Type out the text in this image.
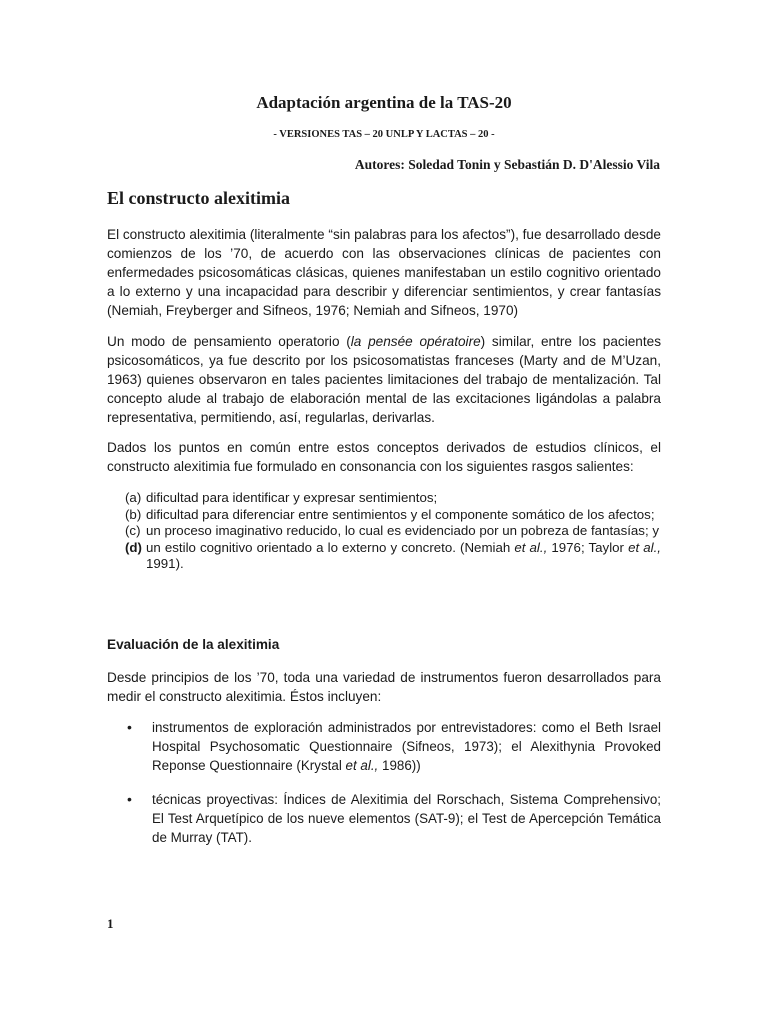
Adaptación argentina de la TAS-20
- VERSIONES TAS – 20 UNLP Y LACTAS – 20 -
Autores: Soledad Tonin y Sebastián D. D'Alessio Vila
El constructo alexitimia

El constructo alexitimia (literalmente “sin palabras para los afectos”), fue desarrollado desde comienzos de los ’70, de acuerdo con las observaciones clínicas de pacientes con enfermedades psicosomáticas clásicas, quienes manifestaban un estilo cognitivo orientado a lo externo y una incapacidad para describir y diferenciar sentimientos, y crear fantasías (Nemiah, Freyberger and Sifneos, 1976; Nemiah and Sifneos, 1970)

Un modo de pensamiento operatorio (la pensée opératoire) similar, entre los pacientes psicosomáticos, ya fue descrito por los psicosomatistas franceses (Marty and de M’Uzan, 1963) quienes observaron en tales pacientes limitaciones del trabajo de mentalización. Tal concepto alude al trabajo de elaboración mental de las excitaciones ligándolas a palabra representativa, permitiendo, así, regularlas, derivarlas.

Dados los puntos en común entre estos conceptos derivados de estudios clínicos, el constructo alexitimia fue formulado en consonancia con los siguientes rasgos salientes:

(a) dificultad para identificar y expresar sentimientos;
(b) dificultad para diferenciar entre sentimientos y el componente somático de los afectos;
(c) un proceso imaginativo reducido, lo cual es evidenciado por un pobreza de fantasías; y
(d) un estilo cognitivo orientado a lo externo y concreto. (Nemiah et al., 1976; Taylor et al., 1991).
Evaluación de la alexitimia

Desde principios de los ’70, toda una variedad de instrumentos fueron desarrollados para medir el constructo alexitimia. Éstos incluyen:

• instrumentos de exploración administrados por entrevistadores: como el Beth Israel Hospital Psychosomatic Questionnaire (Sifneos, 1973); el Alexithynia Provoked Reponse Questionnaire (Krystal et al., 1986))
• técnicas proyectivas: Índices de Alexitimia del Rorschach, Sistema Comprehensivo; El Test Arquetípico de los nueve elementos (SAT-9); el Test de Apercepción Temática de Murray (TAT).
1
